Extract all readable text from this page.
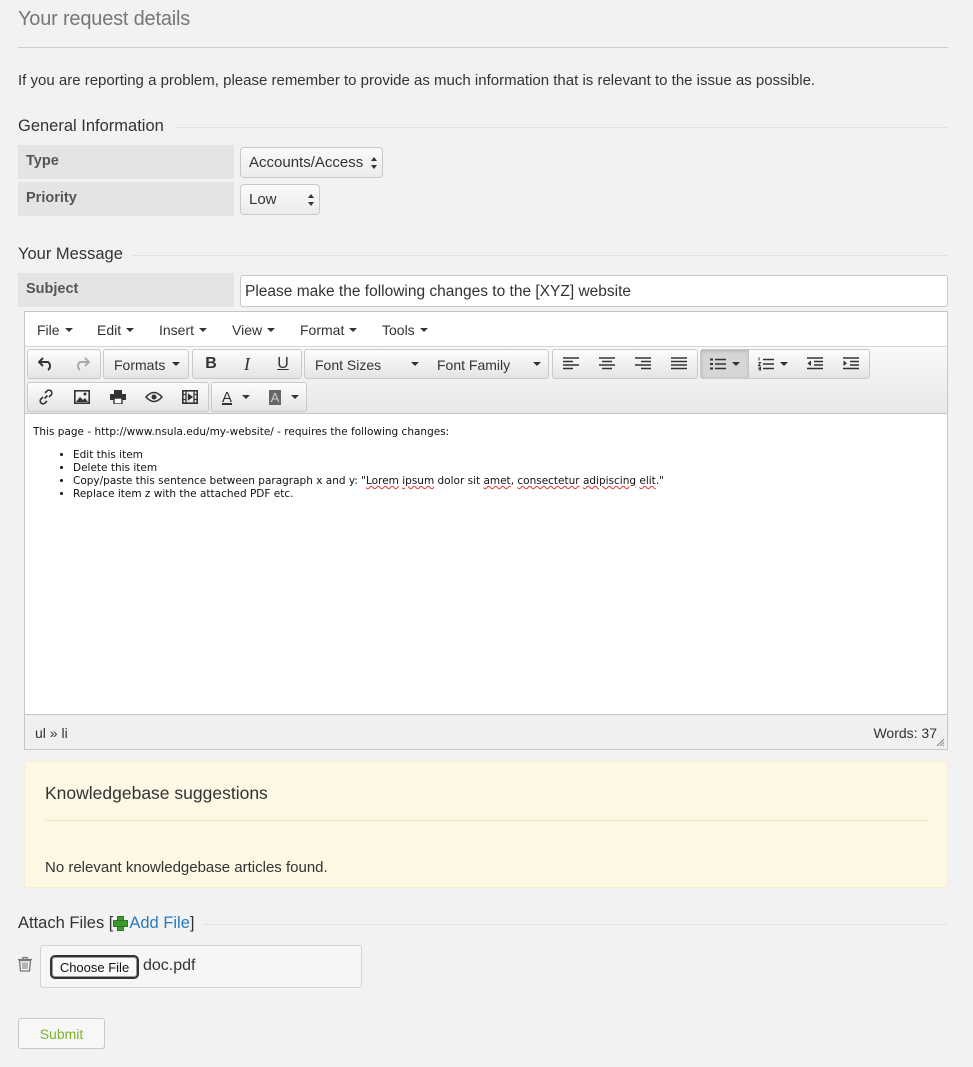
Your request details
If you are reporting a problem, please remember to provide as much information that is relevant to the issue as possible.
General Information
Type	Accounts/Access
Priority	Low
Your Message
Subject	Please make the following changes to the [XYZ] website
File	Edit	Insert	View	Format	Tools
Formats B I U Font Sizes	Font Family
A	A

This page - http://www.nsula.edu/my-website/ - requires the following changes:

• Edit this item
• Delete this item
• Copy/paste this sentence between paragraph x and y: "Lorem ipsum dolor sit amet, consectetur adipiscing elit."
• Replace item z with the attached PDF etc.
ul » li	Words: 37
Knowledgebase suggestions
No relevant knowledgebase articles found.
Attach Files [ Add File]
Choose File doc.pdf
Submit
